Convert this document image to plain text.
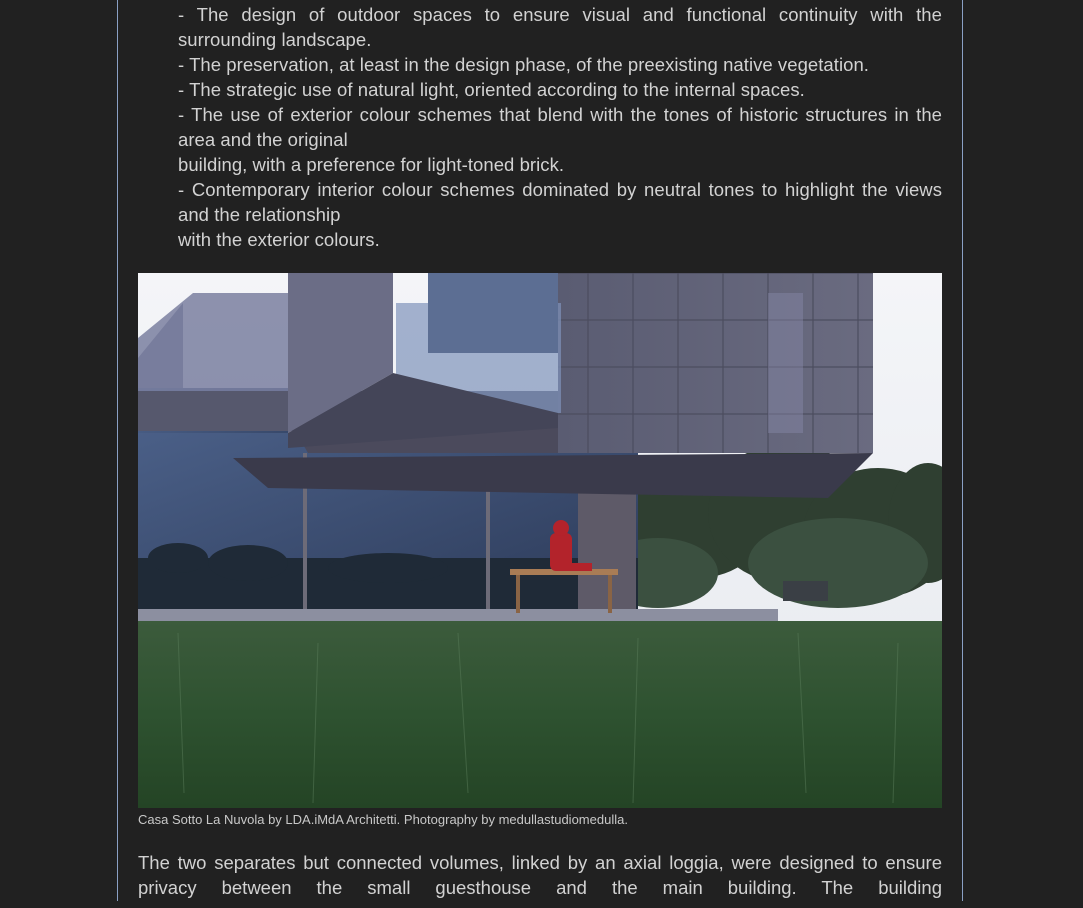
- The design of outdoor spaces to ensure visual and functional continuity with the surrounding landscape.
- The preservation, at least in the design phase, of the preexisting native vegetation.
- The strategic use of natural light, oriented according to the internal spaces.
- The use of exterior colour schemes that blend with the tones of historic structures in the area and the original
building, with a preference for light-toned brick.
- Contemporary interior colour schemes dominated by neutral tones to highlight the views and the relationship
with the exterior colours.
Casa Sotto La Nuvola by LDA.iMdA Architetti. Photography by medullastudiomedulla.

The two separates but connected volumes, linked by an axial loggia, were designed to ensure privacy between the small guesthouse and the main building. The building
